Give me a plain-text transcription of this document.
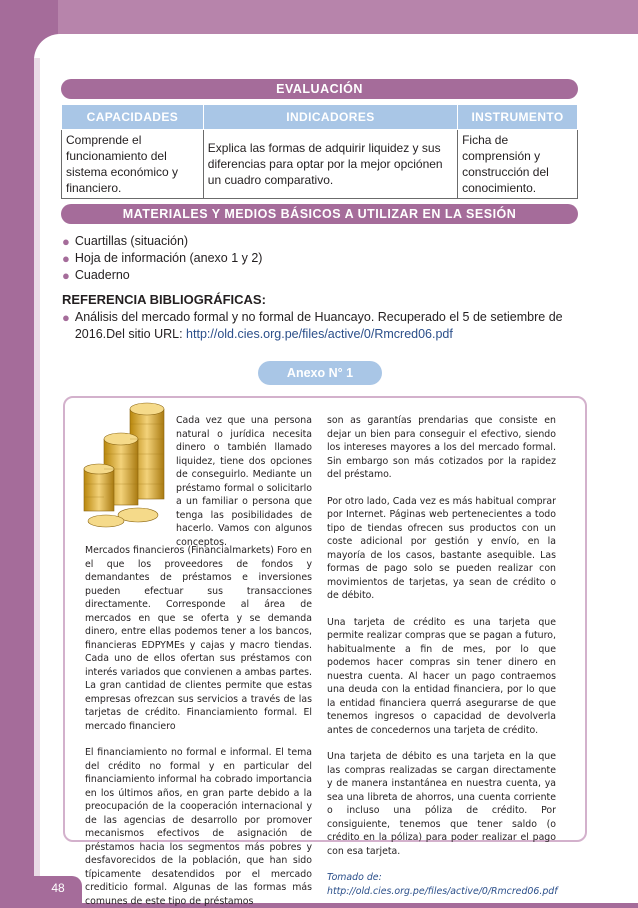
EVALUACIÓN
CAPACIDADES	INDICADORES	INSTRUMENTO
Comprende el funcionamiento del sistema económico y financiero.	Explica las formas de adquirir liquidez y sus diferencias para optar por la mejor opciónen un cuadro comparativo.	Ficha de comprensión y construcción del conocimiento.
MATERIALES Y MEDIOS BÁSICOS A UTILIZAR EN LA SESIÓN
● Cuartillas (situación)
● Hoja de información (anexo 1 y 2)
● Cuaderno
REFERENCIA BIBLIOGRÁFICAS:
● Análisis del mercado formal y no formal de Huancayo. Recuperado el 5 de setiembre de 2016.Del sitio URL: http://old.cies.org.pe/files/active/0/Rmcred06.pdf
Anexo N° 1

Cada vez que una persona natural o jurídica necesita dinero o también llamado liquidez, tiene dos opciones de conseguirlo. Mediante un préstamo formal o solicitarlo a un familiar o persona que tenga las posibilidades de hacerlo. Vamos con algunos conceptos.

Mercados financieros (Financialmarkets) Foro en el que los proveedores de fondos y demandantes de préstamos e inversiones pueden efectuar sus transacciones directamente. Corresponde al área de mercados en que se oferta y se demanda dinero, entre ellas podemos tener a los bancos, financieras EDPYMEs y cajas y macro tiendas. Cada uno de ellos ofertan sus préstamos con interés variados que convienen a ambas partes. La gran cantidad de clientes permite que estas empresas ofrezcan sus servicios a través de las tarjetas de crédito. Financiamiento formal. El mercado financiero

El financiamiento no formal e informal. El tema del crédito no formal y en particular del financiamiento informal ha cobrado importancia en los últimos años, en gran parte debido a la preocupación de la cooperación internacional y de las agencias de desarrollo por promover mecanismos efectivos de asignación de préstamos hacia los segmentos más pobres y desfavorecidos de la población, que han sido típicamente desatendidos por el mercado crediticio formal. Algunas de las formas más comunes de este tipo de préstamos

son as garantías prendarias que consiste en dejar un bien para conseguir el efectivo, siendo los intereses mayores a los del mercado formal. Sin embargo son más cotizados por la rapidez del préstamo.

Por otro lado, Cada vez es más habitual comprar por Internet. Páginas web pertenecientes a todo tipo de tiendas ofrecen sus productos con un coste adicional por gestión y envío, en la mayoría de los casos, bastante asequible. Las formas de pago solo se pueden realizar con movimientos de tarjetas, ya sean de crédito o de débito.

Una tarjeta de crédito es una tarjeta que permite realizar compras que se pagan a futuro, habitualmente a fin de mes, por lo que podemos hacer compras sin tener dinero en nuestra cuenta. Al hacer un pago contraemos una deuda con la entidad financiera, por lo que la entidad financiera querrá asegurarse de que tenemos ingresos o capacidad de devolverla antes de concedernos una tarjeta de crédito.

Una tarjeta de débito es una tarjeta en la que las compras realizadas se cargan directamente y de manera instantánea en nuestra cuenta, ya sea una libreta de ahorros, una cuenta corriente o incluso una póliza de crédito. Por consiguiente, tenemos que tener saldo (o crédito en la póliza) para poder realizar el pago con esa tarjeta.

Tomado de: http://old.cies.org.pe/files/active/0/Rmcred06.pdf

48
